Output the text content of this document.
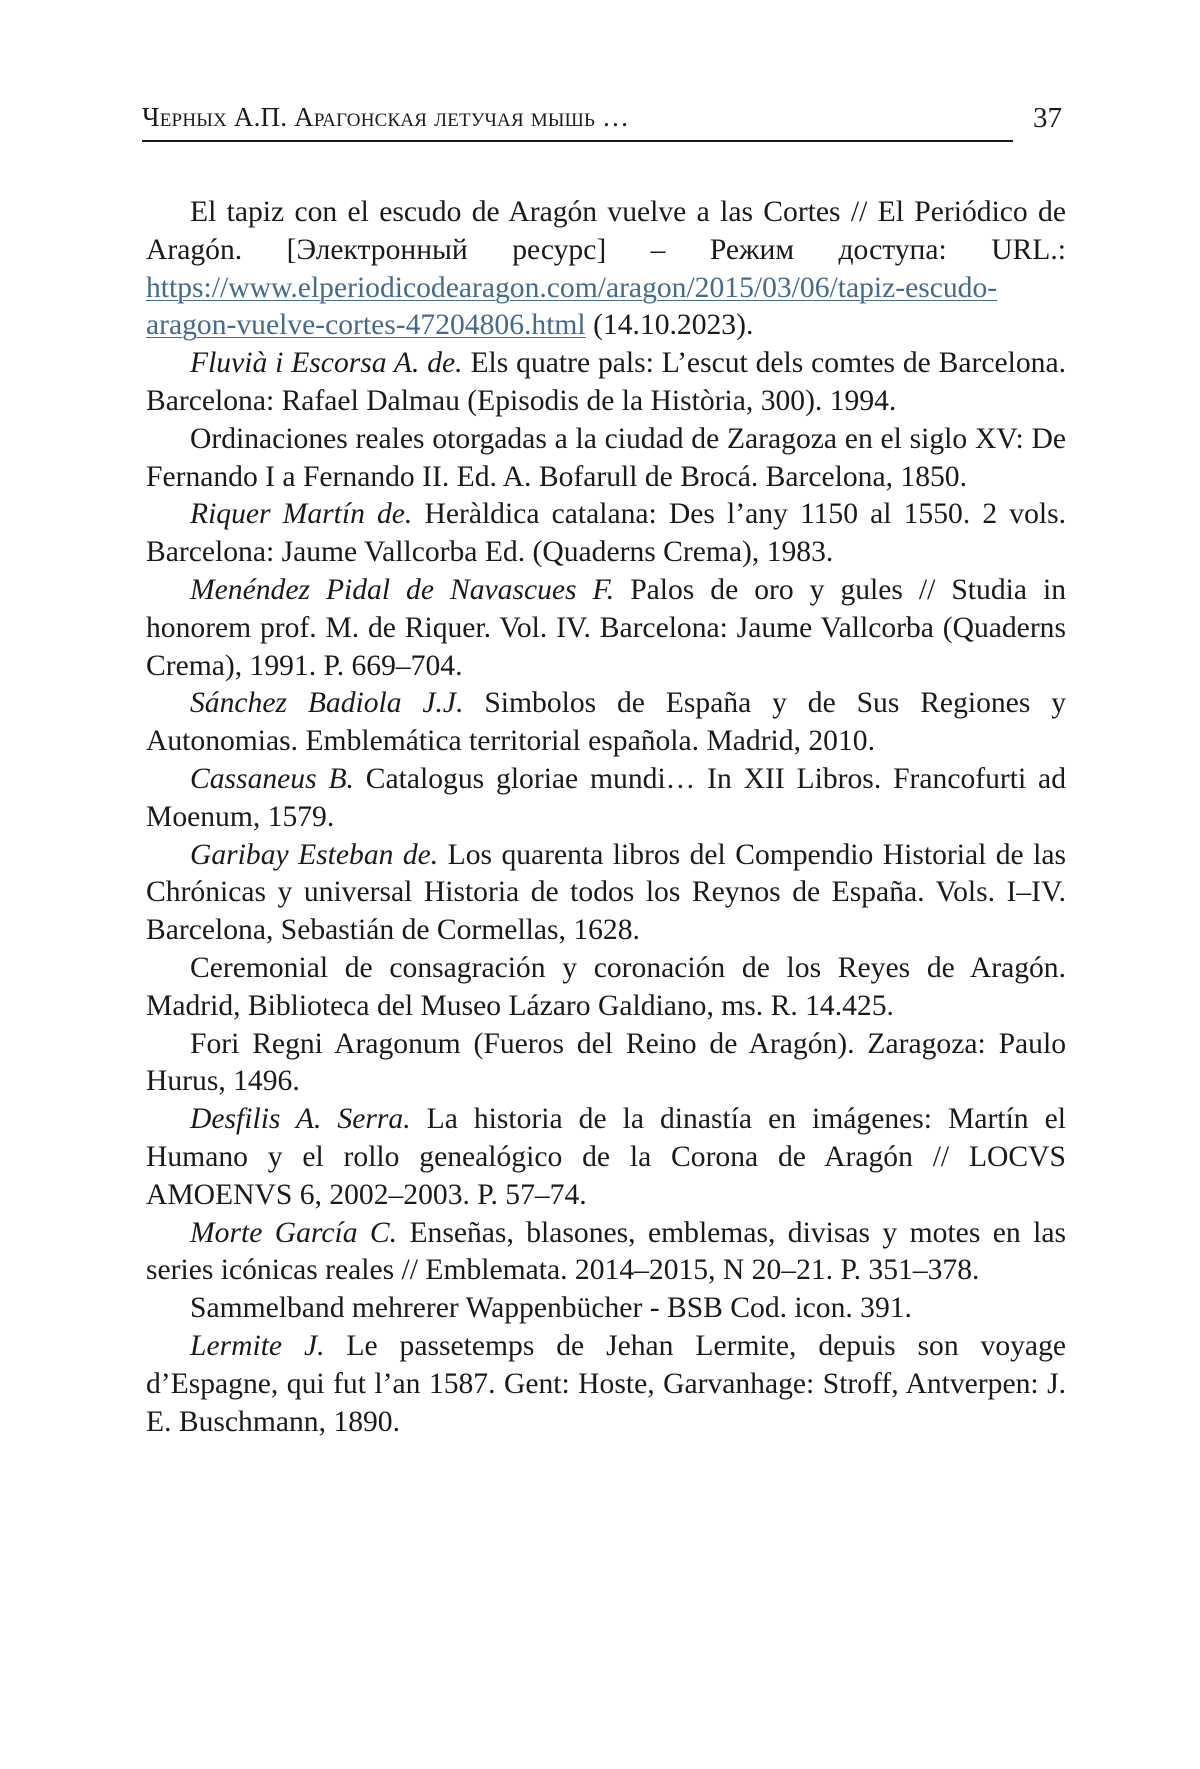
Черных А.П. Арагонская летучая мышь …	37

El tapiz con el escudo de Aragón vuelve a las Cortes // El Periódico de Aragón. [Электронный ресурс] – Режим доступа: URL.: https://www.elperiodicodearagon.com/aragon/2015/03/06/tapiz-escudo-aragon-vuelve-cortes-47204806.html (14.10.2023).

Fluvià i Escorsa A. de. Els quatre pals: L’escut dels comtes de Barcelona. Barcelona: Rafael Dalmau (Episodis de la Història, 300). 1994.

Ordinaciones reales otorgadas a la ciudad de Zaragoza en el siglo XV: De Fernando I a Fernando II. Ed. A. Bofarull de Brocá. Barcelona, 1850.

Riquer Martín de. Heràldica catalana: Des l’any 1150 al 1550. 2 vols. Barcelona: Jaume Vallcorba Ed. (Quaderns Crema), 1983.

Menéndez Pidal de Navascues F. Palos de oro y gules // Studia in honorem prof. M. de Riquer. Vol. IV. Barcelona: Jaume Vallcorba (Quaderns Crema), 1991. P. 669–704.

Sánchez Badiola J.J. Simbolos de España y de Sus Regiones y Autonomias. Emblemática territorial española. Madrid, 2010.

Cassaneus B. Catalogus gloriae mundi… In XII Libros. Francofurti ad Moenum, 1579.

Garibay Esteban de. Los quarenta libros del Compendio Historial de las Chrónicas y universal Historia de todos los Reynos de España. Vols. I–IV. Barcelona, Sebastián de Cormellas, 1628.

Ceremonial de consagración y coronación de los Reyes de Aragón. Madrid, Biblioteca del Museo Lázaro Galdiano, ms. R. 14.425.

Fori Regni Aragonum (Fueros del Reino de Aragón). Zaragoza: Paulo Hurus, 1496.

Desfilis A. Serra. La historia de la dinastía en imágenes: Martín el Humano y el rollo genealógico de la Corona de Aragón // LOCVS AMOENVS 6, 2002–2003. P. 57–74.

Morte García C. Enseñas, blasones, emblemas, divisas y motes en las series icónicas reales // Emblemata. 2014–2015, N 20–21. P. 351–378.

Sammelband mehrerer Wappenbücher - BSB Cod. icon. 391.

Lermite J. Le passetemps de Jehan Lermite, depuis son voyage d’Espagne, qui fut l’an 1587. Gent: Hoste, Garvanhage: Stroff, Antverpen: J. E. Buschmann, 1890.
